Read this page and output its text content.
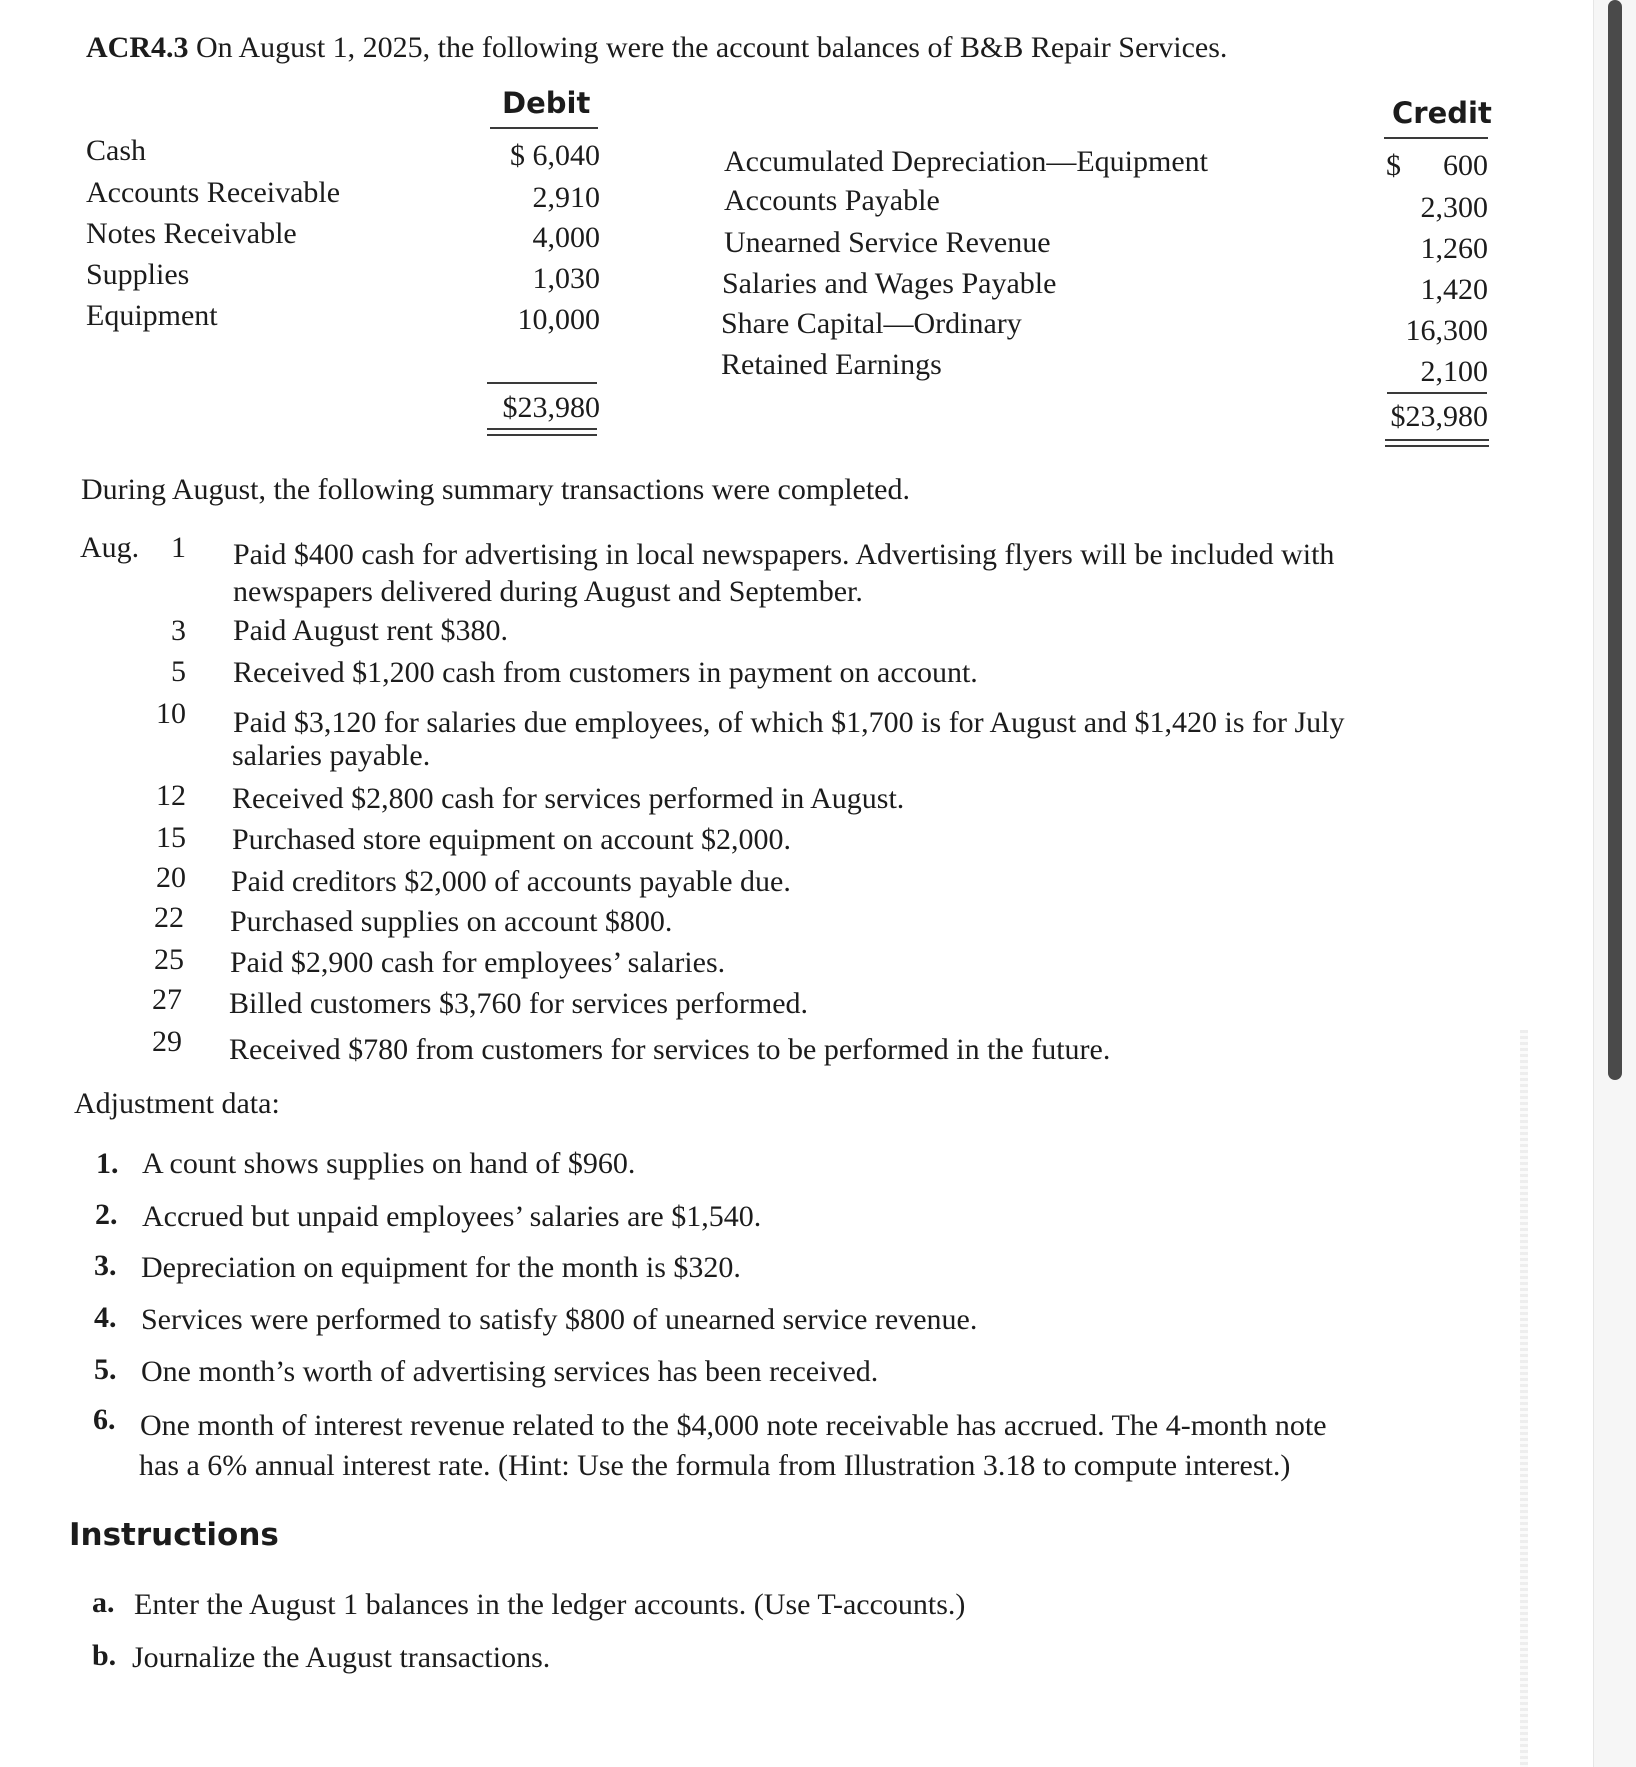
ACR4.3 On August 1, 2025, the following were the account balances of B&B Repair Services.
Debit	Credit
Cash	$ 6,040
Accounts Receivable	2,910
Notes Receivable	4,000
Supplies	1,030
Equipment	10,000
$23,980
Accumulated Depreciation—Equipment	$ 600
Accounts Payable	2,300
Unearned Service Revenue	1,260
Salaries and Wages Payable	1,420
Share Capital—Ordinary	16,300
Retained Earnings	2,100
$23,980
During August, the following summary transactions were completed.
Aug. 1 Paid $400 cash for advertising in local newspapers. Advertising flyers will be included with
newspapers delivered during August and September.
3 Paid August rent $380.
5 Received $1,200 cash from customers in payment on account.
10 Paid $3,120 for salaries due employees, of which $1,700 is for August and $1,420 is for July
salaries payable.
12 Received $2,800 cash for services performed in August.
15 Purchased store equipment on account $2,000.
20 Paid creditors $2,000 of accounts payable due.
22 Purchased supplies on account $800.
25 Paid $2,900 cash for employees’ salaries.
27 Billed customers $3,760 for services performed.
29 Received $780 from customers for services to be performed in the future.
Adjustment data:
1. A count shows supplies on hand of $960.
2. Accrued but unpaid employees’ salaries are $1,540.
3. Depreciation on equipment for the month is $320.
4. Services were performed to satisfy $800 of unearned service revenue.
5. One month’s worth of advertising services has been received.
6. One month of interest revenue related to the $4,000 note receivable has accrued. The 4-month note
has a 6% annual interest rate. (Hint: Use the formula from Illustration 3.18 to compute interest.)
Instructions
a. Enter the August 1 balances in the ledger accounts. (Use T-accounts.)
b. Journalize the August transactions.
